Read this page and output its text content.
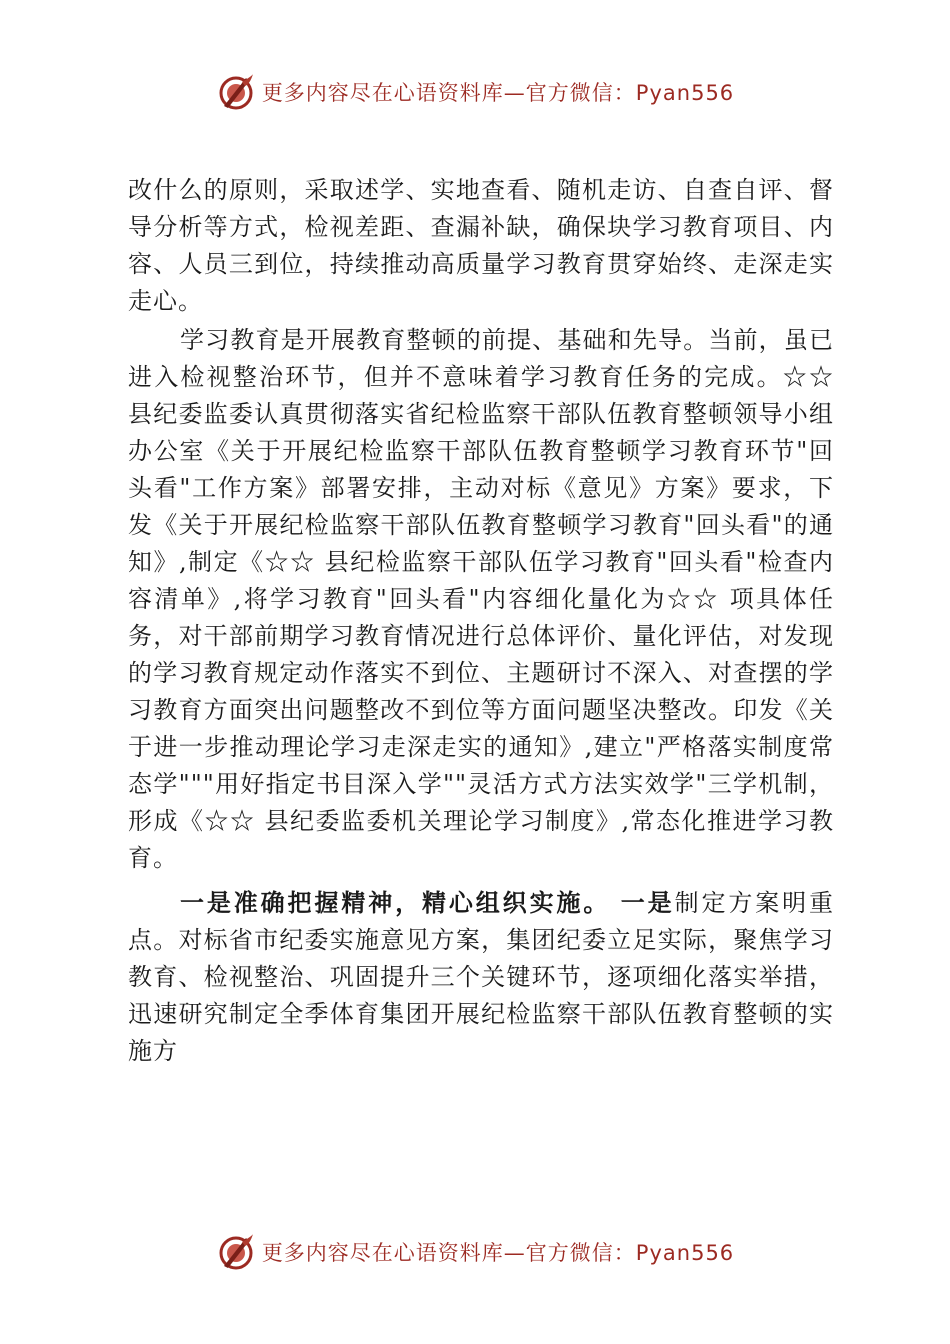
更多内容尽在心语资料库—官方微信：Pyan556

改什么的原则，采取述学、实地查看、随机走访、自查自评、督导分析等方式，检视差距、查漏补缺，确保块学习教育项目、内容、人员三到位，持续推动高质量学习教育贯穿始终、走深走实走心。

学习教育是开展教育整顿的前提、基础和先导。当前，虽已进入检视整治环节，但并不意味着学习教育任务的完成。☆☆ 县纪委监委认真贯彻落实省纪检监察干部队伍教育整顿领导小组办公室《关于开展纪检监察干部队伍教育整顿学习教育环节"回头看"工作方案》部署安排，主动对标《意见》方案》要求，下发《关于开展纪检监察干部队伍教育整顿学习教育"回头看"的通知》,制定《☆☆ 县纪检监察干部队伍学习教育"回头看"检查内容清单》,将学习教育"回头看"内容细化量化为☆☆ 项具体任务，对干部前期学习教育情况进行总体评价、量化评估，对发现的学习教育规定动作落实不到位、主题研讨不深入、对查摆的学习教育方面突出问题整改不到位等方面问题坚决整改。印发《关于进一步推动理论学习走深走实的通知》,建立"严格落实制度常态学"""用好指定书目深入学""灵活方式方法实效学"三学机制，形成《☆☆ 县纪委监委机关理论学习制度》,常态化推进学习教育。

一是准确把握精神，精心组织实施。 一是制定方案明重点。对标省市纪委实施意见方案，集团纪委立足实际，聚焦学习教育、检视整治、巩固提升三个关键环节，逐项细化落实举措，迅速研究制定全季体育集团开展纪检监察干部队伍教育整顿的实施方

更多内容尽在心语资料库—官方微信：Pyan556
